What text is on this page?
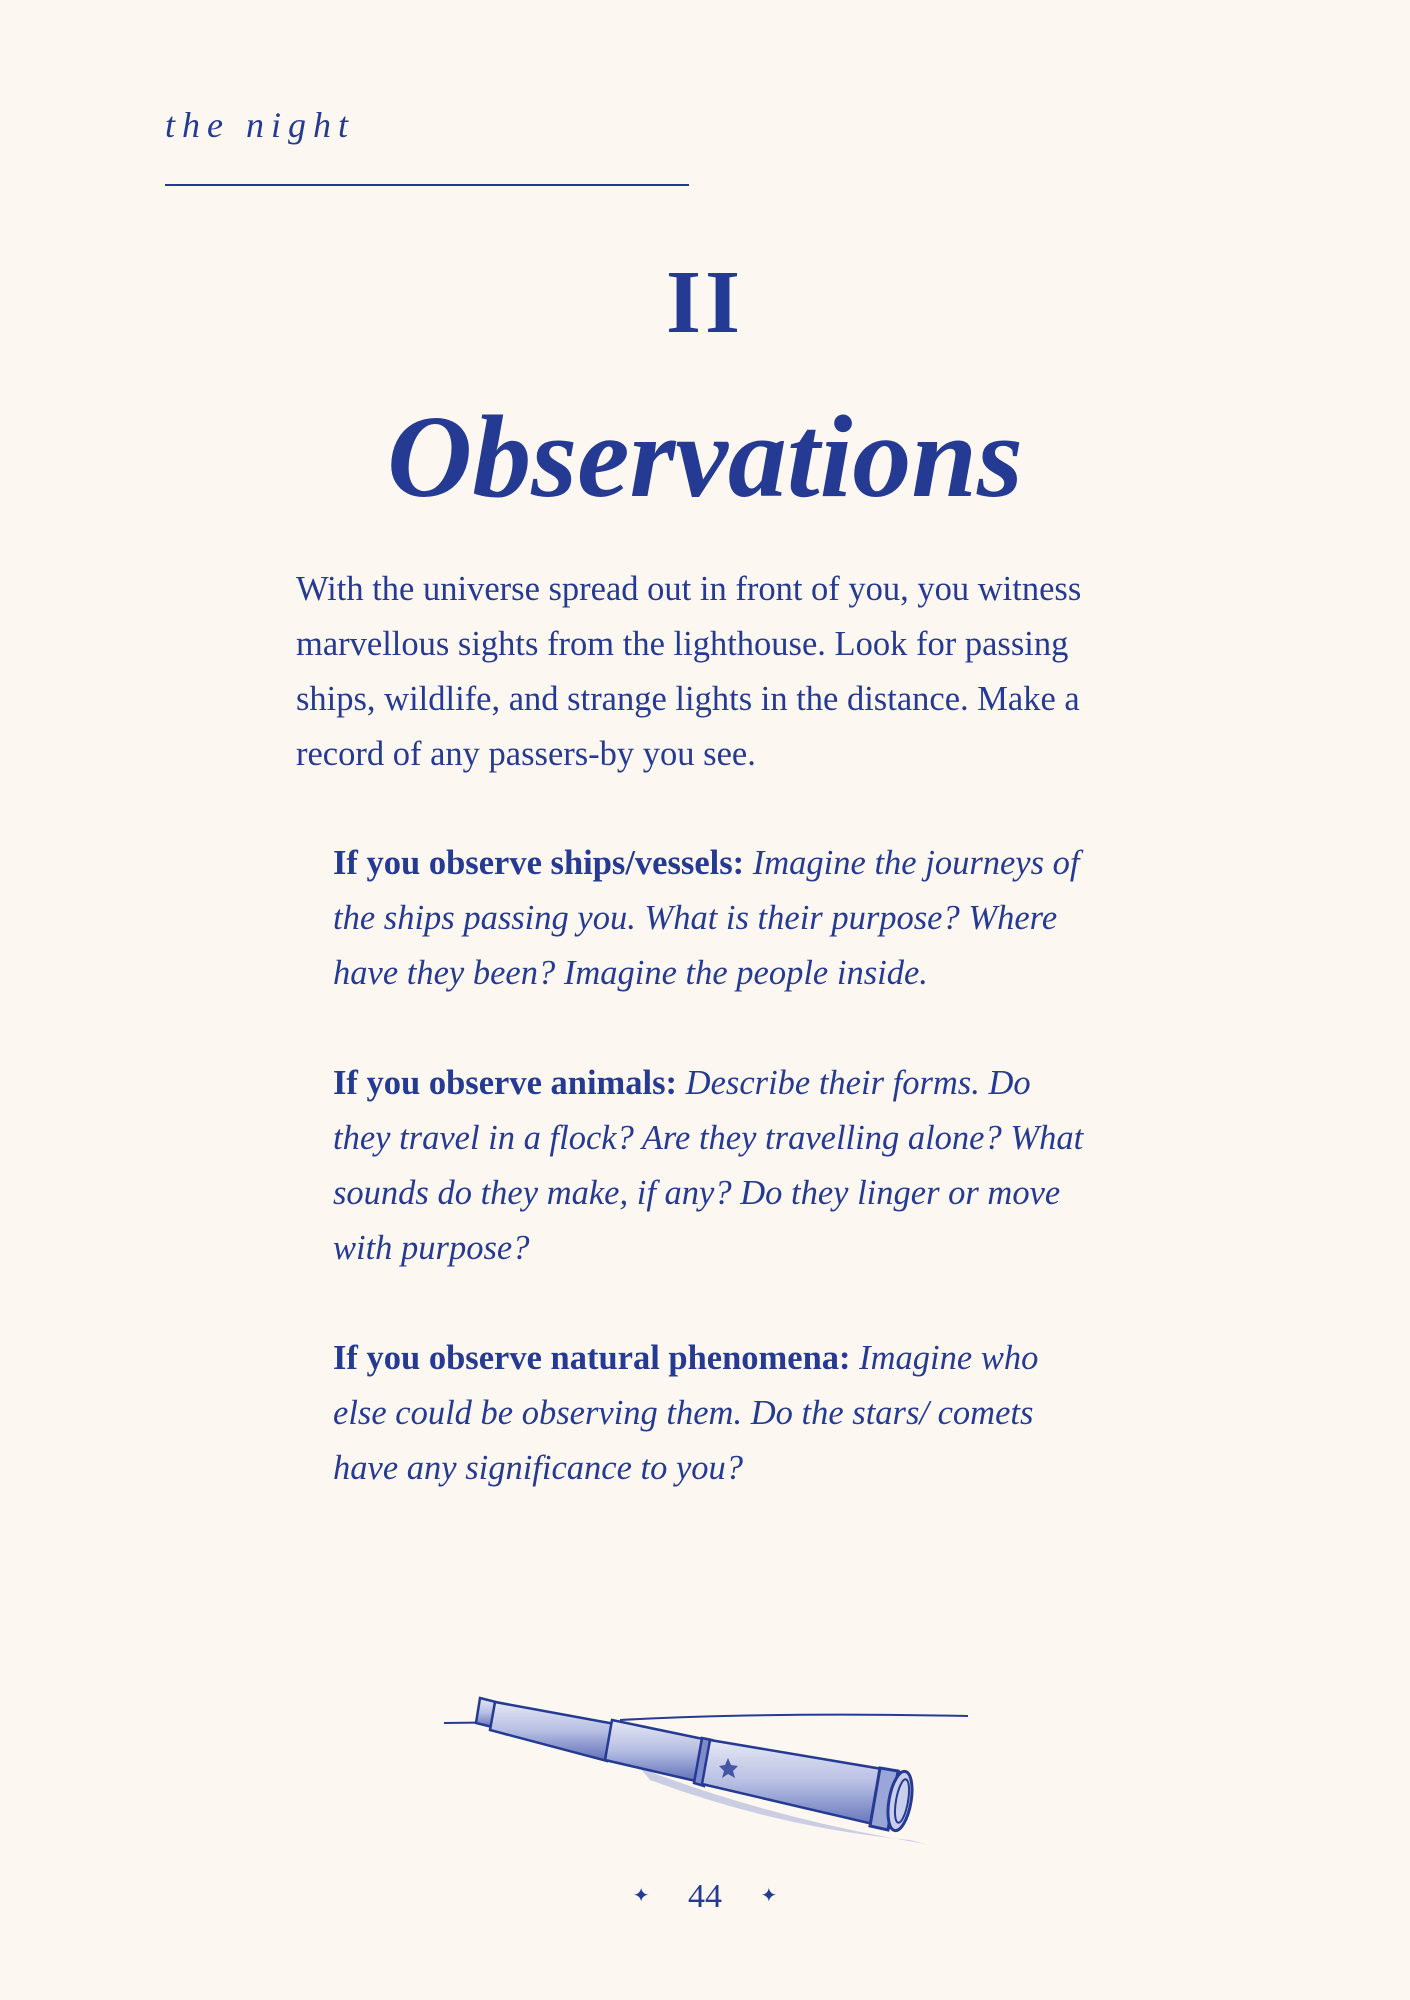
the night
II
Observations

With the universe spread out in front of you, you witness marvellous sights from the lighthouse. Look for passing ships, wildlife, and strange lights in the distance. Make a record of any passers-by you see.

If you observe ships/vessels: Imagine the journeys of the ships passing you. What is their purpose? Where have they been? Imagine the people inside.

If you observe animals: Describe their forms. Do they travel in a flock? Are they travelling alone? What sounds do they make, if any? Do they linger or move with purpose?

If you observe natural phenomena: Imagine who else could be observing them. Do the stars/ comets have any significance to you?

✦ 44 ✦
